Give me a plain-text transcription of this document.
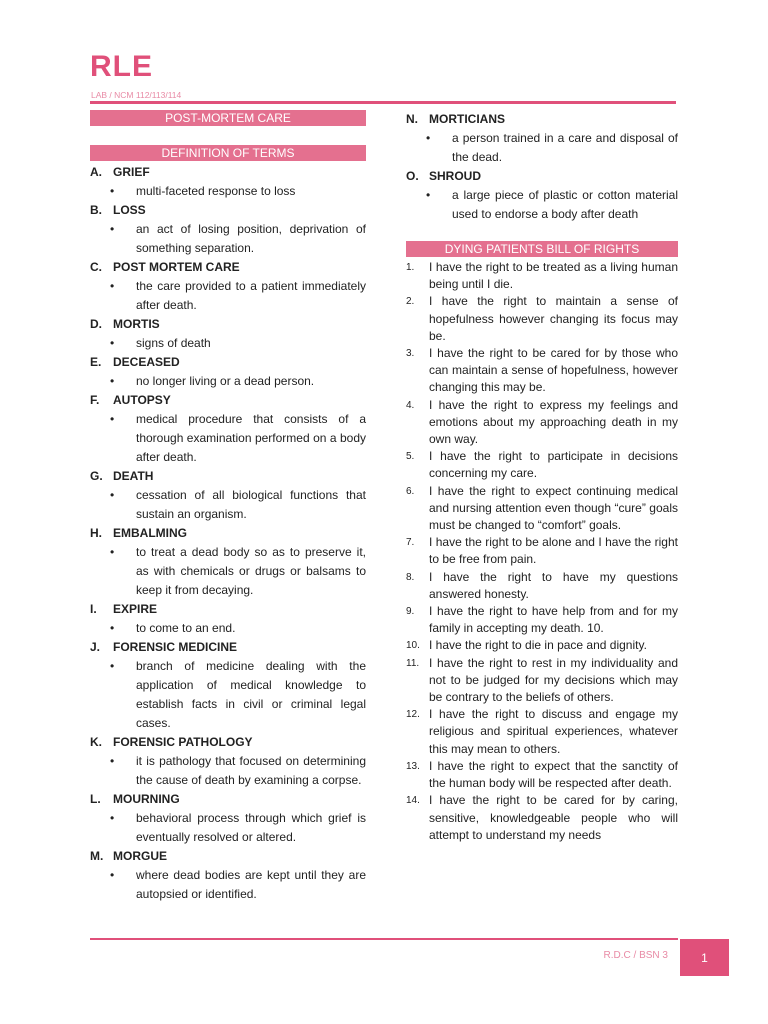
RLE
LAB / NCM 112/113/114
POST-MORTEM CARE
DEFINITION OF TERMS
A. GRIEF
•	multi-faceted response to loss
B. LOSS
•	an act of losing position, deprivation of something separation.
C. POST MORTEM CARE
•	the care provided to a patient immediately after death.
D. MORTIS
•	signs of death
E. DECEASED
•	no longer living or a dead person.
F.	AUTOPSY
•	medical procedure that consists of a thorough examination performed on a body after death.
G. DEATH
•	cessation of all biological functions that sustain an organism.
H. EMBALMING
•	to treat a dead body so as to preserve it, as with chemicals or drugs or balsams to keep it from decaying.
I.	EXPIRE
•	to come to an end.
J.	FORENSIC MEDICINE
•	branch of medicine dealing with the application of medical knowledge to establish facts in civil or criminal legal cases.
K. FORENSIC PATHOLOGY
•	it is pathology that focused on determining the cause of death by examining a corpse.
L.	MOURNING
•	behavioral process through which grief is eventually resolved or altered.
M. MORGUE
•	where dead bodies are kept until they are autopsied or identified.
N. MORTICIANS
•	a person trained in a care and disposal of the dead.
O. SHROUD
•	a large piece of plastic or cotton material used to endorse a body after death
DYING PATIENTS BILL OF RIGHTS
1.	I have the right to be treated as a living human being until I die.
2.	I have the right to maintain a sense of hopefulness however changing its focus may be.
3.	I have the right to be cared for by those who can maintain a sense of hopefulness, however changing this may be.
4.	I have the right to express my feelings and emotions about my approaching death in my own way.
5.	I have the right to participate in decisions concerning my care.
6.	I have the right to expect continuing medical and nursing attention even though “cure” goals must be changed to “comfort” goals.
7.	I have the right to be alone and I have the right to be free from pain.
8.	I have the right to have my questions answered honesty.
9.	I have the right to have help from and for my family in accepting my death. 10.
10. I have the right to die in pace and dignity.
11. I have the right to rest in my individuality and not to be judged for my decisions which may be contrary to the beliefs of others.
12. I have the right to discuss and engage my religious and spiritual experiences, whatever this may mean to others.
13. I have the right to expect that the sanctity of the human body will be respected after death.
14. I have the right to be cared for by caring, sensitive, knowledgeable people who will attempt to understand my needs
R.D.C / BSN 3	1
